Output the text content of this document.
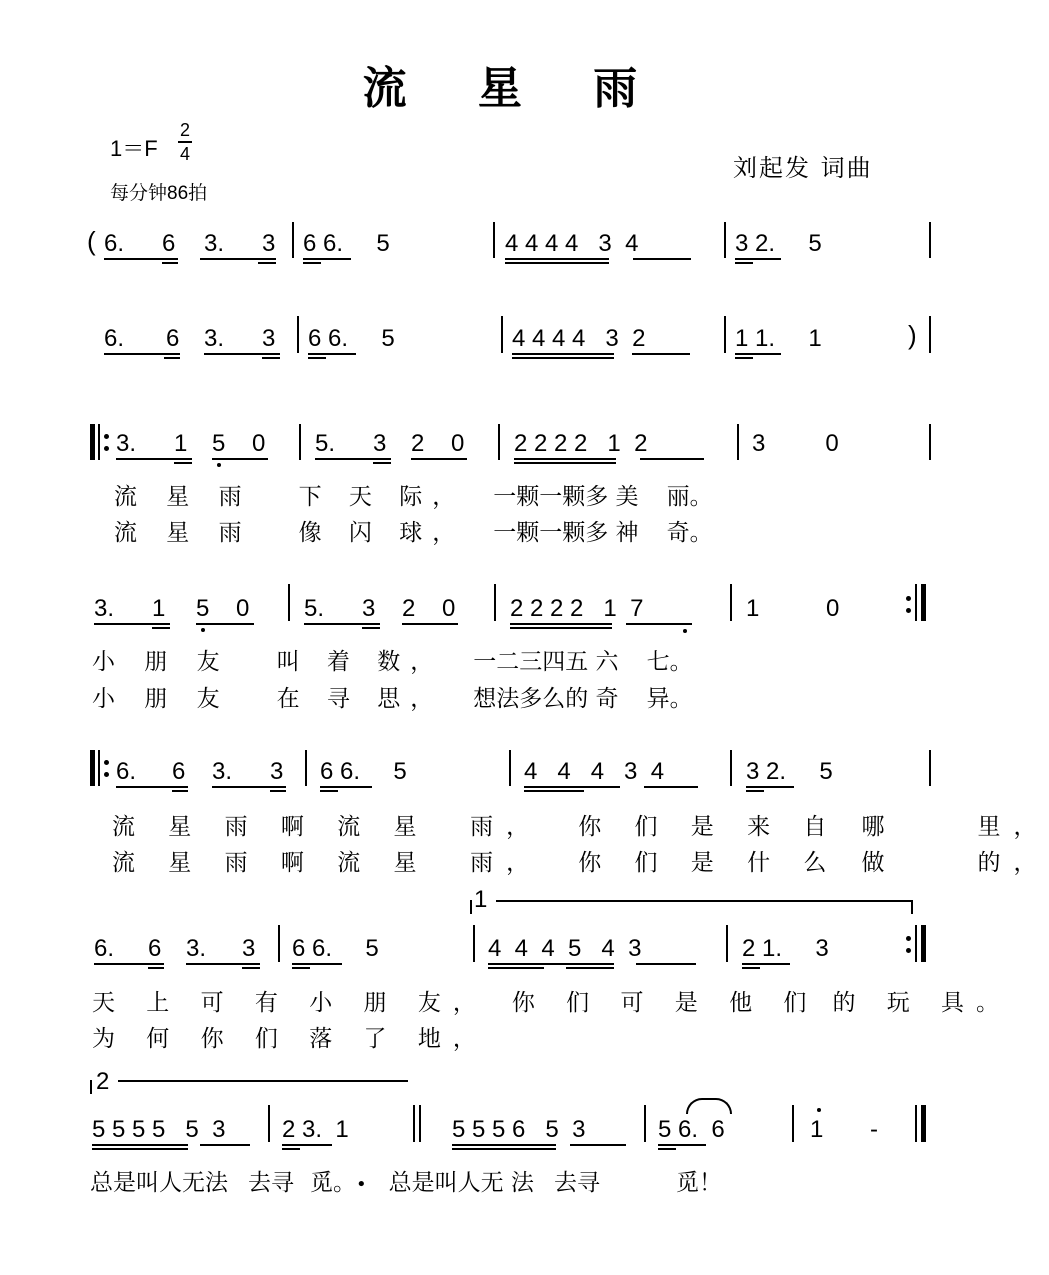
流 星 雨
1＝F
2
4
每分钟86拍
刘起发 词曲
( 6. 6 3. 3 6 6.     5	4 4 4 4   3  4	3 2.     5
6. 6 3. 3 6 6.     5	4 4 4 4   3  2	1 1.     1	)
3. 1 5 0 5. 3 2 0 2 2 2 2   1  2	3         0
流 星 雨 下 天 际， 一颗一颗多 美 丽。
流 星 雨 像 闪 球， 一颗一颗多 神 奇。
3. 1 5 0 5. 3 2 0 2 2 2 2   1  7	1          0
小 朋 友 叫 着 数， 一二三四五 六 七。
小 朋 友 在 寻 思， 想法多么的 奇 异。
6. 6 3. 3 6 6.     5	4   4   4   3  4	3 2.     5
流 星 雨 啊 流 星  雨， 你 们 是 来 自 哪	里，
流 星 雨 啊 流 星  雨， 你 们 是 什 么 做	的，
1
6. 6 3. 3 6 6.     5	4  4  4  5   4  3	2 1.     3
天 上 可 有 小 朋 友， 你 们 可 是 他 们 的 玩 具。
为 何 你 们 落 了 地，
2
5 5 5 5   5  3 2 3.  1	5 5 5 6   5  3	5 6.  6	1       -
总是叫人无法 去寻 觅。• 总是叫人无 法 去寻	觅！
